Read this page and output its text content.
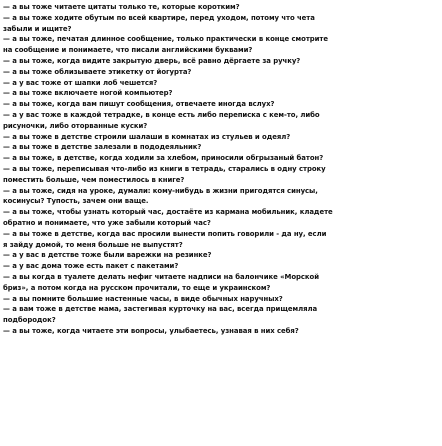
— а вы тоже читаете цитаты только те, которые коротким?
— а вы тоже ходите обутым по всей квартире, перед уходом, потому что чета
забыли и ищите?
— а вы тоже, печатая длинное сообщение, только практически в конце смотрите
на сообщение и понимаете, что писали английскими буквами?
— а вы тоже, когда видите закрытую дверь, всё равно дёргаете за ручку?
— а вы тоже облизываете этикетку от йогурта?
— а у вас тоже от шапки лоб чешется?
— а вы тоже включаете ногой компьютер?
— а вы тоже, когда вам пишут сообщения, отвечаете иногда вслух?
— а у вас тоже в каждой тетрадке, в конце есть либо переписка с кем-то, либо
рисуночки, либо оторванные куски?
— а вы тоже в детстве строили шалаши в комнатах из стульев и одеял?
— а вы тоже в детстве залезали в пододеяльник?
— а вы тоже, в детстве, когда ходили за хлебом, приносили обгрызаный батон?
— а вы тоже, переписывая что-либо из книги в тетрадь, старались в одну строку
поместить больше, чем поместилось в книге?
— а вы тоже, сидя на уроке, думали: кому-нибудь в жизни пригодятся синусы,
косинусы? Тупость, зачем они ваще.
— а вы тоже, чтобы узнать который час, достаёте из кармана мобильник, кладете
обратно и понимаете, что уже забыли который час?
— а вы тоже в детстве, когда вас просили вынести попить говорили - да ну, если
я зайду домой, то меня больше не выпустят?
— а у вас в детстве тоже были варежки на резинке?
— а у вас дома тоже есть пакет с пакетами?
— а вы когда в туалете делать нефиг читаете надписи на балончике «Морской
бриз», а потом когда на русском прочитали, то еще и украинском?
— а вы помните большие настенные часы, в виде обычных наручных?
— а вам тоже в детстве мама, застегивая курточку на вас, всегда прищемляла
подбородок?
— а вы тоже, когда читаете эти вопросы, улыбаетесь, узнавая в них себя?
